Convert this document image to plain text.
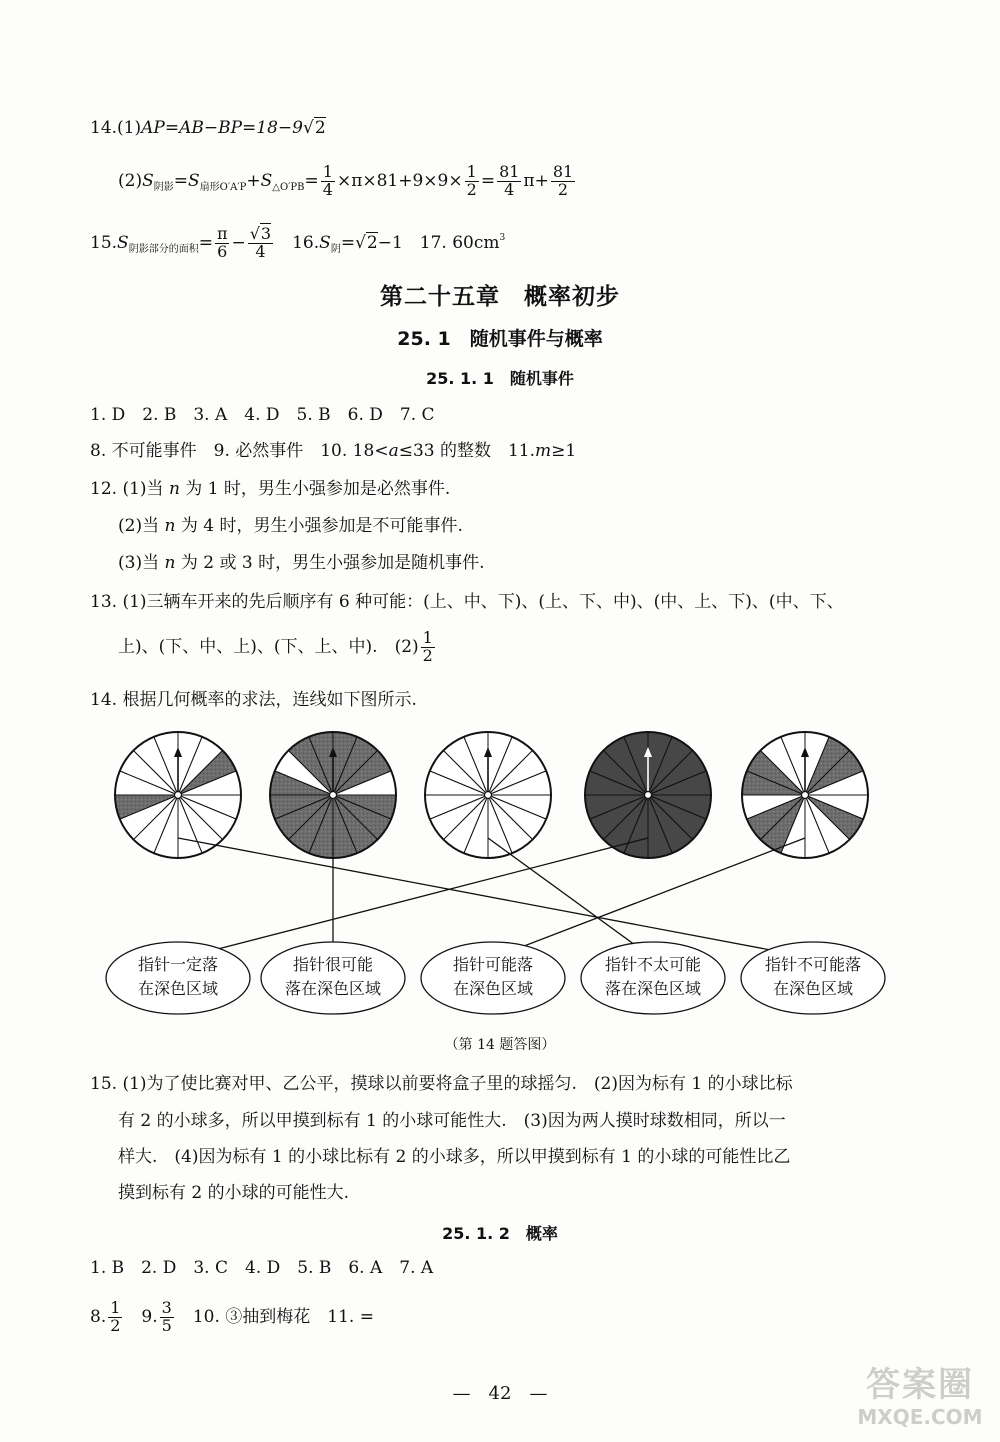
14.(1)AP=AB−BP=18−9√2
$(2)S_{阴影}=S_{扇形O'A'P}+S_{\triangle O'PB}= \frac{1}{4} \times\pi\times 81+9\times 9\times \frac{1}{2} = \frac{81}{4} \pi+ \frac{81}{2}$
$15.S_{阴影部分的面积}= \frac{\pi}{6} - \frac{√3}{4}$
　 $16.S_阴=√2-1$　 17. $60cm^3$
第二十五章　概率初步
25. 1　随机事件与概率
25. 1. 1　随机事件
1. D　2. B　3. A　4. D　5. B　6. D　7. C
8. 不可能事件　9. 必然事件　10. 18<a≤33 的整数　11.m≥1
12. (1)当 n 为 1 时，男生小强参加是必然事件.
(2)当 n 为 4 时，男生小强参加是不可能事件.
(3)当 n 为 2 或 3 时，男生小强参加是随机事件.
13. (1)三辆车开来的先后顺序有 6 种可能：(上、中、下)、(上、下、中)、(中、上、下)、(中、下、
上)、(下、中、上)、(下、上、中).　$(2) \frac{1}{2}$
14. 根据几何概率的求法，连线如下图所示.
指针一定落
在深色区域
指针很可能
落在深色区域
指针可能落
在深色区域
指针不太可能
落在深色区域
指针不可能落
在深色区域
（第 14 题答图）
15. (1)为了使比赛对甲、乙公平，摸球以前要将盒子里的球摇匀.　(2)因为标有 1 的小球比标
有 2 的小球多，所以甲摸到标有 1 的小球可能性大.　(3)因为两人摸时球数相同，所以一
样大.　(4)因为标有 1 的小球比标有 2 的小球多，所以甲摸到标有 1 的小球的可能性比乙
摸到标有 2 的小球的可能性大.
25. 1. 2　概率
1. B　2. D　3. C　4. D　5. B　6. A　7. A
8. $\frac{1}{2}$
　 9. $\frac{3}{5}$
　 10. ③抽到梅花　11. =
—　42　—	答案圈
MXQE.COM
